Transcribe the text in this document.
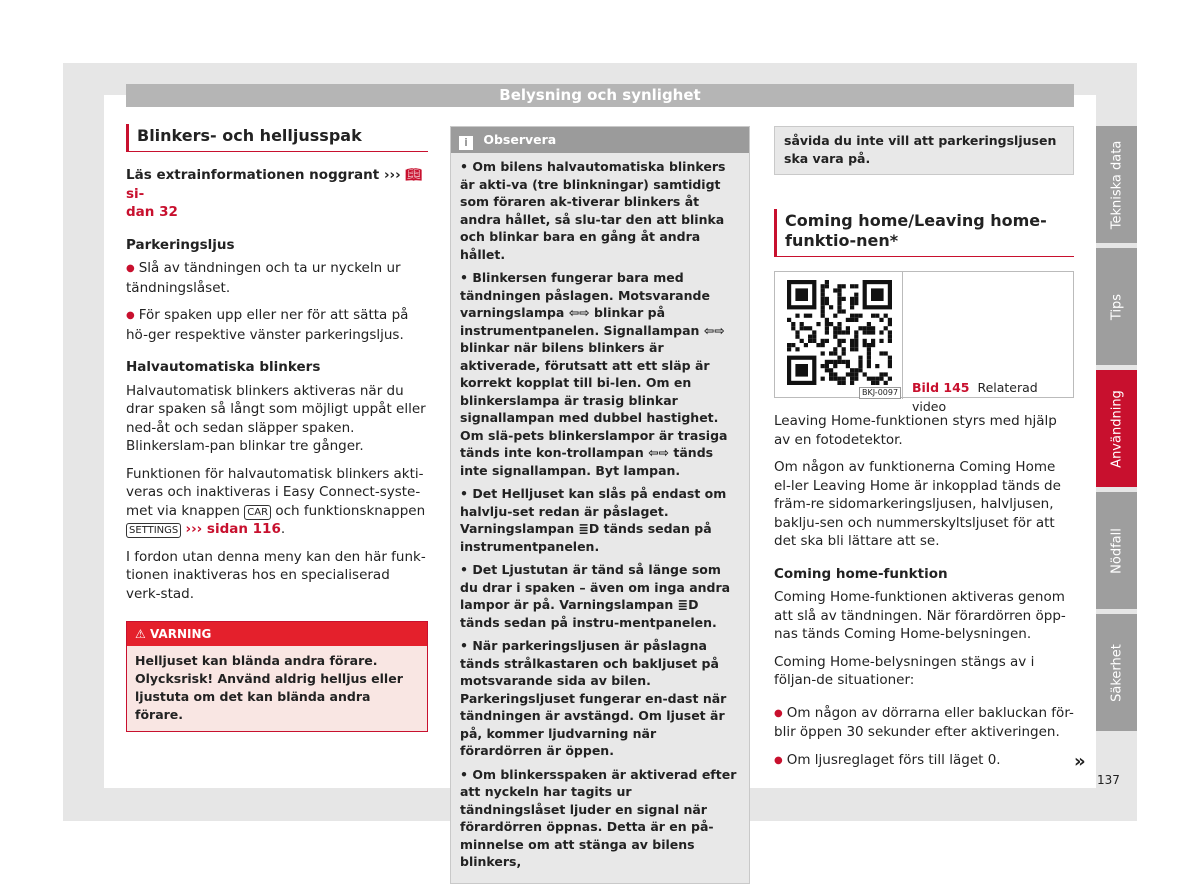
Belysning och synlighet
Blinkers- och helljusspak

Läs extrainformationen noggrant ››› 📖︎ si-
dan 32

Parkeringsljus

● Slå av tändningen och ta ur nyckeln ur tändningslåset.

● För spaken upp eller ner för att sätta på hö-ger respektive vänster parkeringsljus.

Halvautomatiska blinkers

Halvautomatisk blinkers aktiveras när du drar spaken så långt som möjligt uppåt eller ned-åt och sedan släpper spaken. Blinkerslam-pan blinkar tre gånger.

Funktionen för halvautomatisk blinkers akti-veras och inaktiveras i Easy Connect-syste-met via knappen CAR och funktionsknappen SETTINGS ››› sidan 116.

I fordon utan denna meny kan den här funk-tionen inaktiveras hos en specialiserad verk-stad.

⚠ VARNING
Helljuset kan blända andra förare. Olycksrisk! Använd aldrig helljus eller ljustuta om det kan blända andra förare.
i Observera

• Om bilens halvautomatiska blinkers är akti-va (tre blinkningar) samtidigt som föraren ak-tiverar blinkers åt andra hållet, så slu-tar den att blinka och blinkar bara en gång åt andra hållet.

• Blinkersen fungerar bara med tändningen påslagen. Motsvarande varningslampa ⇦⇨ blinkar på instrumentpanelen. Signallampan ⇦⇨ blinkar när bilens blinkers är aktiverade, förutsatt att ett släp är korrekt kopplat till bi-len. Om en blinkerslampa är trasig blinkar signallampan med dubbel hastighet. Om slä-pets blinkerslampor är trasiga tänds inte kon-trollampan ⇦⇨ tänds inte signallampan. Byt lampan.

• Det Helljuset kan slås på endast om halvlju-set redan är påslaget. Varningslampan ≣D tänds sedan på instrumentpanelen.

• Det Ljustutan är tänd så länge som du drar i spaken – även om inga andra lampor är på. Varningslampan ≣D tänds sedan på instru-mentpanelen.

• När parkeringsljusen är påslagna tänds strålkastaren och bakljuset på motsvarande sida av bilen. Parkeringsljuset fungerar en-dast när tändningen är avstängd. Om ljuset är på, kommer ljudvarning när förardörren är öppen.

• Om blinkersspaken är aktiverad efter att nyckeln har tagits ur tändningslåset ljuder en signal när förardörren öppnas. Detta är en på-minnelse om att stänga av bilens blinkers,

såvida du inte vill att parkeringsljusen ska vara på.
Coming home/Leaving home-funktio-nen*
BKJ-0097 Bild 145 Relaterad video

Leaving Home-funktionen styrs med hjälp av en fotodetektor.

Om någon av funktionerna Coming Home el-ler Leaving Home är inkopplad tänds de främ-re sidomarkeringsljusen, halvljusen, baklju-sen och nummerskyltsljuset för att det ska bli lättare att se.

Coming home-funktion

Coming Home-funktionen aktiveras genom att slå av tändningen. När förardörren öpp-nas tänds Coming Home-belysningen.

Coming Home-belysningen stängs av i följan-de situationer:

● Om någon av dörrarna eller bakluckan för-blir öppen 30 sekunder efter aktiveringen.

● Om ljusreglaget förs till läget 0.	»
Tekniska data
Tips
Användning
Nödfall
Säkerhet
137
